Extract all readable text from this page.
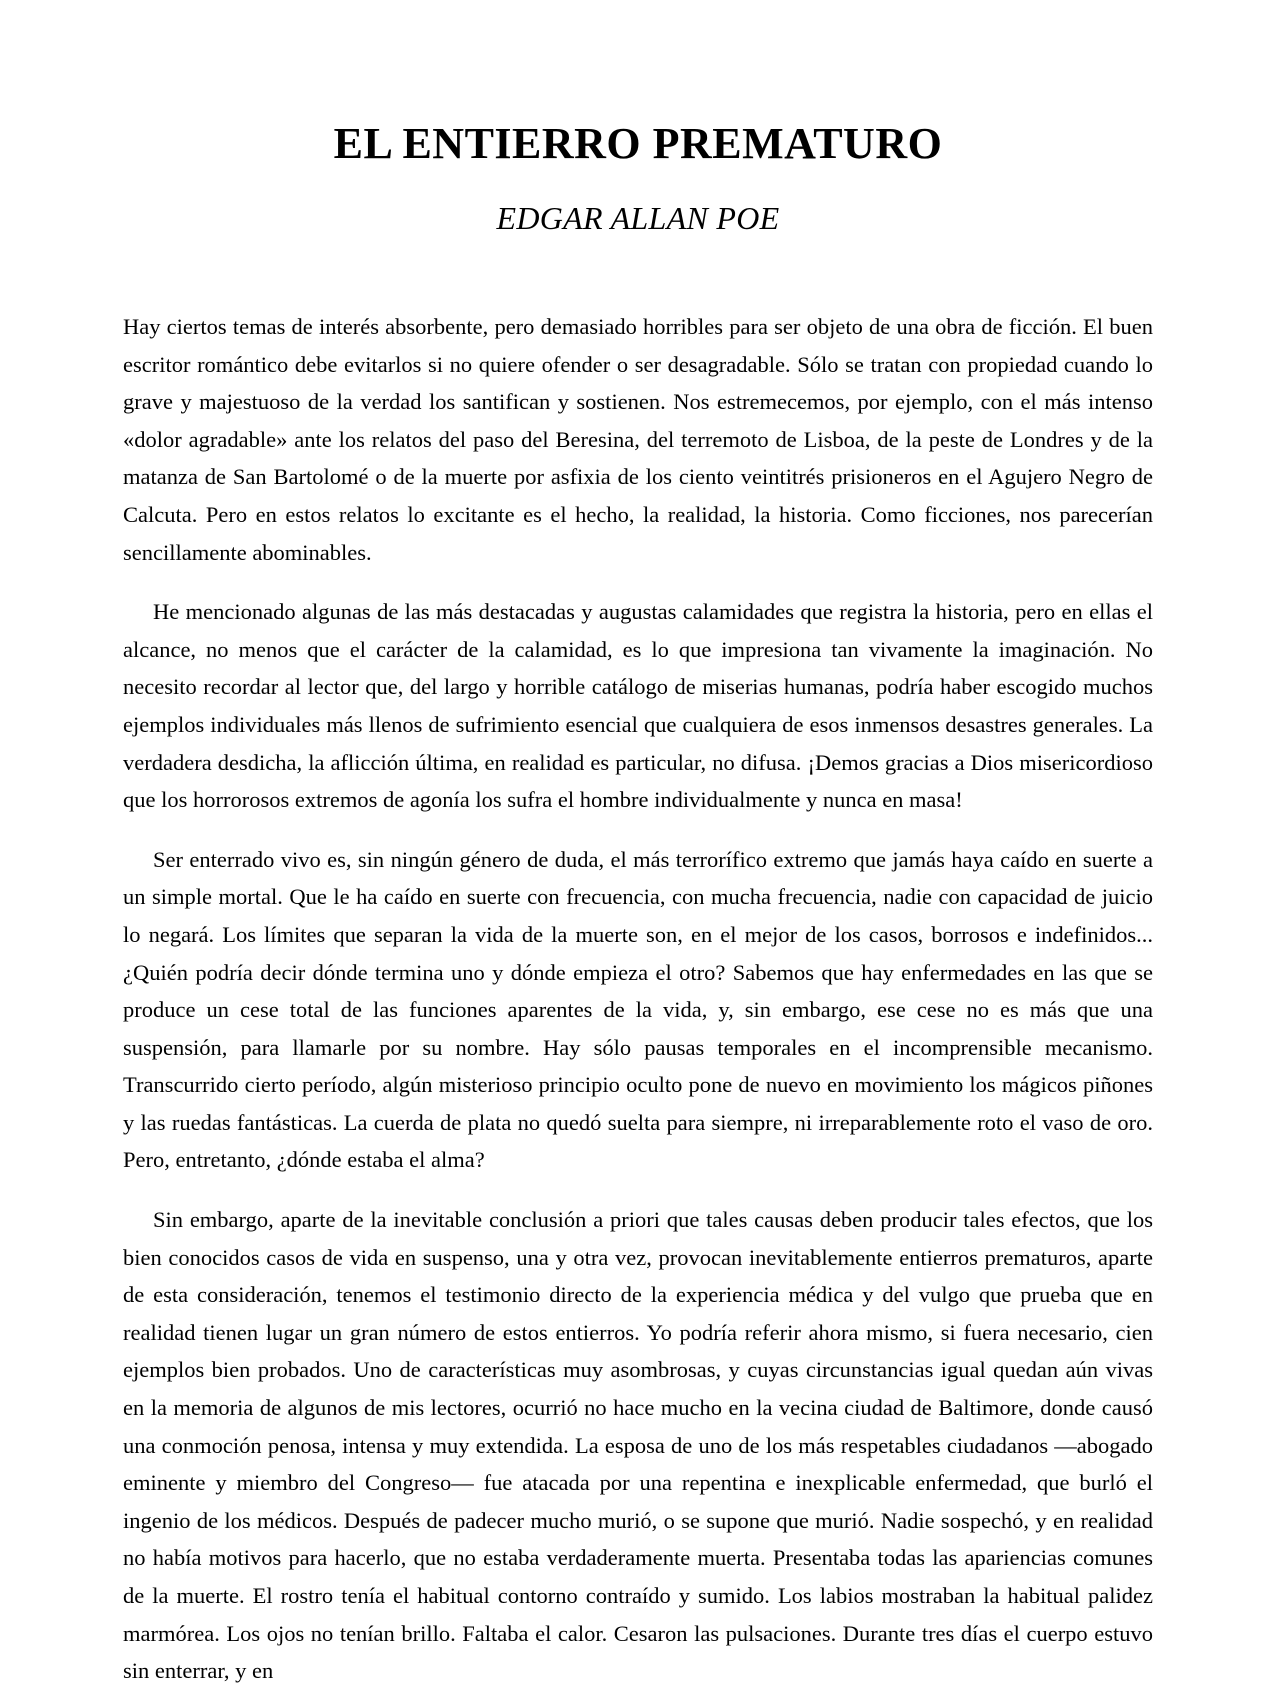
EL ENTIERRO PREMATURO
EDGAR ALLAN POE

Hay ciertos temas de interés absorbente, pero demasiado horribles para ser objeto de una obra de ficción. El buen escritor romántico debe evitarlos si no quiere ofender o ser desagradable. Sólo se tratan con propiedad cuando lo grave y majestuoso de la verdad los santifican y sostienen. Nos estremecemos, por ejemplo, con el más intenso «dolor agradable» ante los relatos del paso del Beresina, del terremoto de Lisboa, de la peste de Londres y de la matanza de San Bartolomé o de la muerte por asfixia de los ciento veintitrés prisioneros en el Agujero Negro de Calcuta. Pero en estos relatos lo excitante es el hecho, la realidad, la historia. Como ficciones, nos parecerían sencillamente abominables.

He mencionado algunas de las más destacadas y augustas calamidades que registra la historia, pero en ellas el alcance, no menos que el carácter de la calamidad, es lo que impresiona tan vivamente la imaginación. No necesito recordar al lector que, del largo y horrible catálogo de miserias humanas, podría haber escogido muchos ejemplos individuales más llenos de sufrimiento esencial que cualquiera de esos inmensos desastres generales. La verdadera desdicha, la aflicción última, en realidad es particular, no difusa. ¡Demos gracias a Dios misericordioso que los horrorosos extremos de agonía los sufra el hombre individualmente y nunca en masa!

Ser enterrado vivo es, sin ningún género de duda, el más terrorífico extremo que jamás haya caído en suerte a un simple mortal. Que le ha caído en suerte con frecuencia, con mucha frecuencia, nadie con capacidad de juicio lo negará. Los límites que separan la vida de la muerte son, en el mejor de los casos, borrosos e indefinidos... ¿Quién podría decir dónde termina uno y dónde empieza el otro? Sabemos que hay enfermedades en las que se produce un cese total de las funciones aparentes de la vida, y, sin embargo, ese cese no es más que una suspensión, para llamarle por su nombre. Hay sólo pausas temporales en el incomprensible mecanismo. Transcurrido cierto período, algún misterioso principio oculto pone de nuevo en movimiento los mágicos piñones y las ruedas fantásticas. La cuerda de plata no quedó suelta para siempre, ni irreparablemente roto el vaso de oro. Pero, entretanto, ¿dónde estaba el alma?

Sin embargo, aparte de la inevitable conclusión a priori que tales causas deben producir tales efectos, que los bien conocidos casos de vida en suspenso, una y otra vez, provocan inevitablemente entierros prematuros, aparte de esta consideración, tenemos el testimonio directo de la experiencia médica y del vulgo que prueba que en realidad tienen lugar un gran número de estos entierros. Yo podría referir ahora mismo, si fuera necesario, cien ejemplos bien probados. Uno de características muy asombrosas, y cuyas circunstancias igual quedan aún vivas en la memoria de algunos de mis lectores, ocurrió no hace mucho en la vecina ciudad de Baltimore, donde causó una conmoción penosa, intensa y muy extendida. La esposa de uno de los más respetables ciudadanos —abogado eminente y miembro del Congreso— fue atacada por una repentina e inexplicable enfermedad, que burló el ingenio de los médicos. Después de padecer mucho murió, o se supone que murió. Nadie sospechó, y en realidad no había motivos para hacerlo, que no estaba verdaderamente muerta. Presentaba todas las apariencias comunes de la muerte. El rostro tenía el habitual contorno contraído y sumido. Los labios mostraban la habitual palidez marmórea. Los ojos no tenían brillo. Faltaba el calor. Cesaron las pulsaciones. Durante tres días el cuerpo estuvo sin enterrar, y en
